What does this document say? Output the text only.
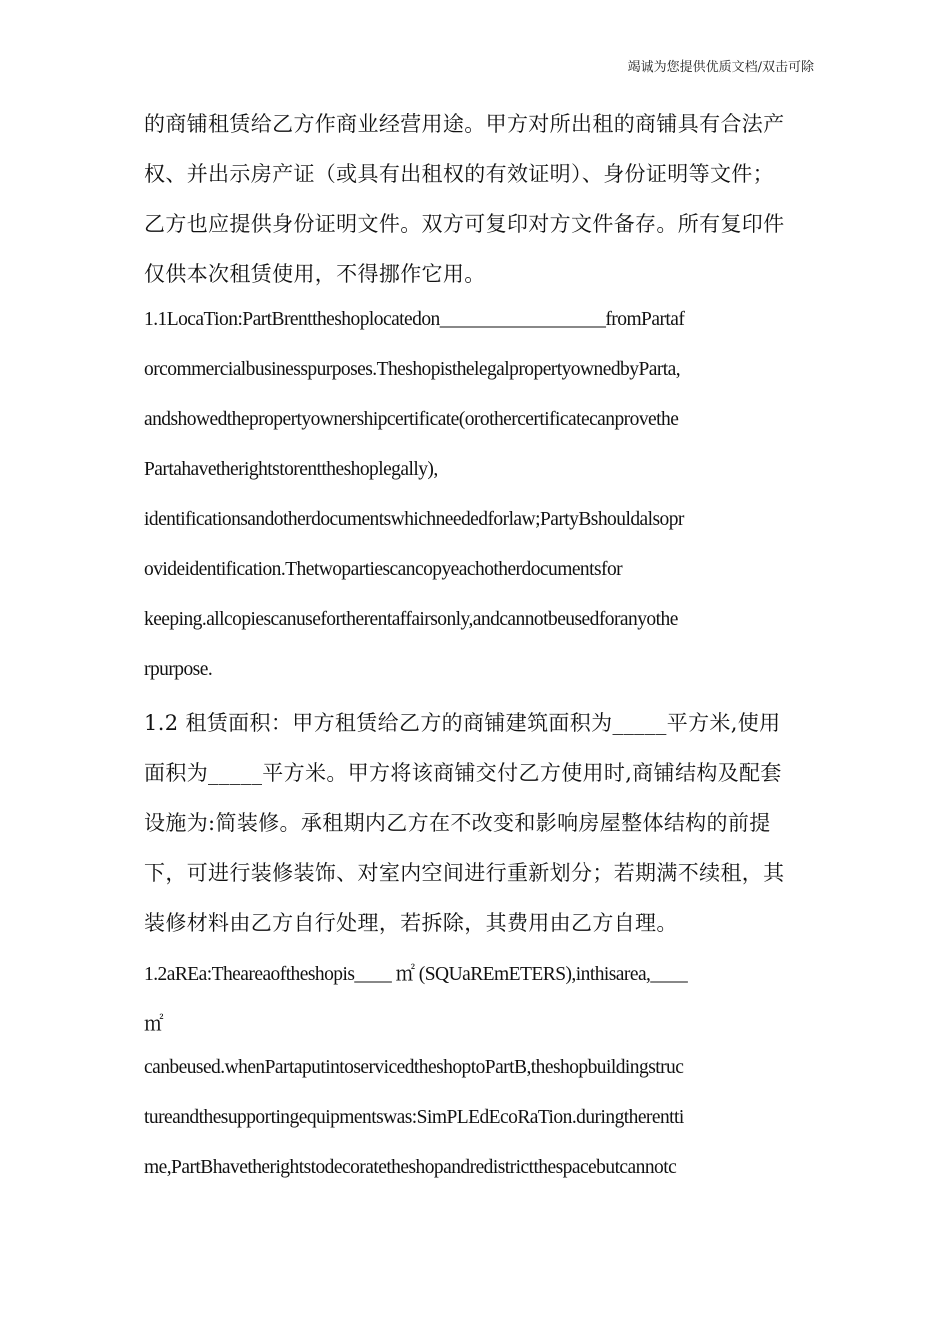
竭诚为您提供优质文档/双击可除
的商铺租赁给乙方作商业经营用途。甲方对所出租的商铺具有合法产
权、并出示房产证（或具有出租权的有效证明）、身份证明等文件；
乙方也应提供身份证明文件。双方可复印对方文件备存。所有复印件
仅供本次租赁使用，不得挪作它用。
1.1LocaTion:PartBrenttheshoplocatedon__________________fromPartaf
orcommercialbusinesspurposes.Theshopisthelegalpropertyownedby​Parta,
andshowedthepropertyownershipcertificate(orothercertificatecanprovethe
Partahavetherightstorenttheshoplegally),
identificationsandotherdocumentswhichneededforlaw;PartyBshouldalsopr
ovideidentification.Thetwopartiescancopyeachotherdocumentsfor
keeping.allcopiescanusefortherentaffairsonly,andcannotbeusedforanyothe
rpurpose.
1.2 租赁面积：甲方租赁给乙方的商铺建筑面积为_____平方米,使用
面积为_____平方米。甲方将该商铺交付乙方使用时,商铺结构及配套
设施为:简装修。承租期内乙方在不改变和影响房屋整体结构的前提
下，可进行装修装饰、对室内空间进行重新划分；若期满不续租，其
装修材料由乙方自行处理，若拆除，其费用由乙方自理。
1.2aREa:Theareaoftheshopis____ ㎡ (SQUaREmETERS),inthisarea,____
㎡
canbeused.whenPartaputintoservicedtheshoptoPartB,theshopbuildingstruc
tureandthesupportingequipmentswas:SimPLEdEcoRaTion.duringtherentti
me,PartBhavetherightstodecoratetheshopandredistrictthespacebutcannotc
